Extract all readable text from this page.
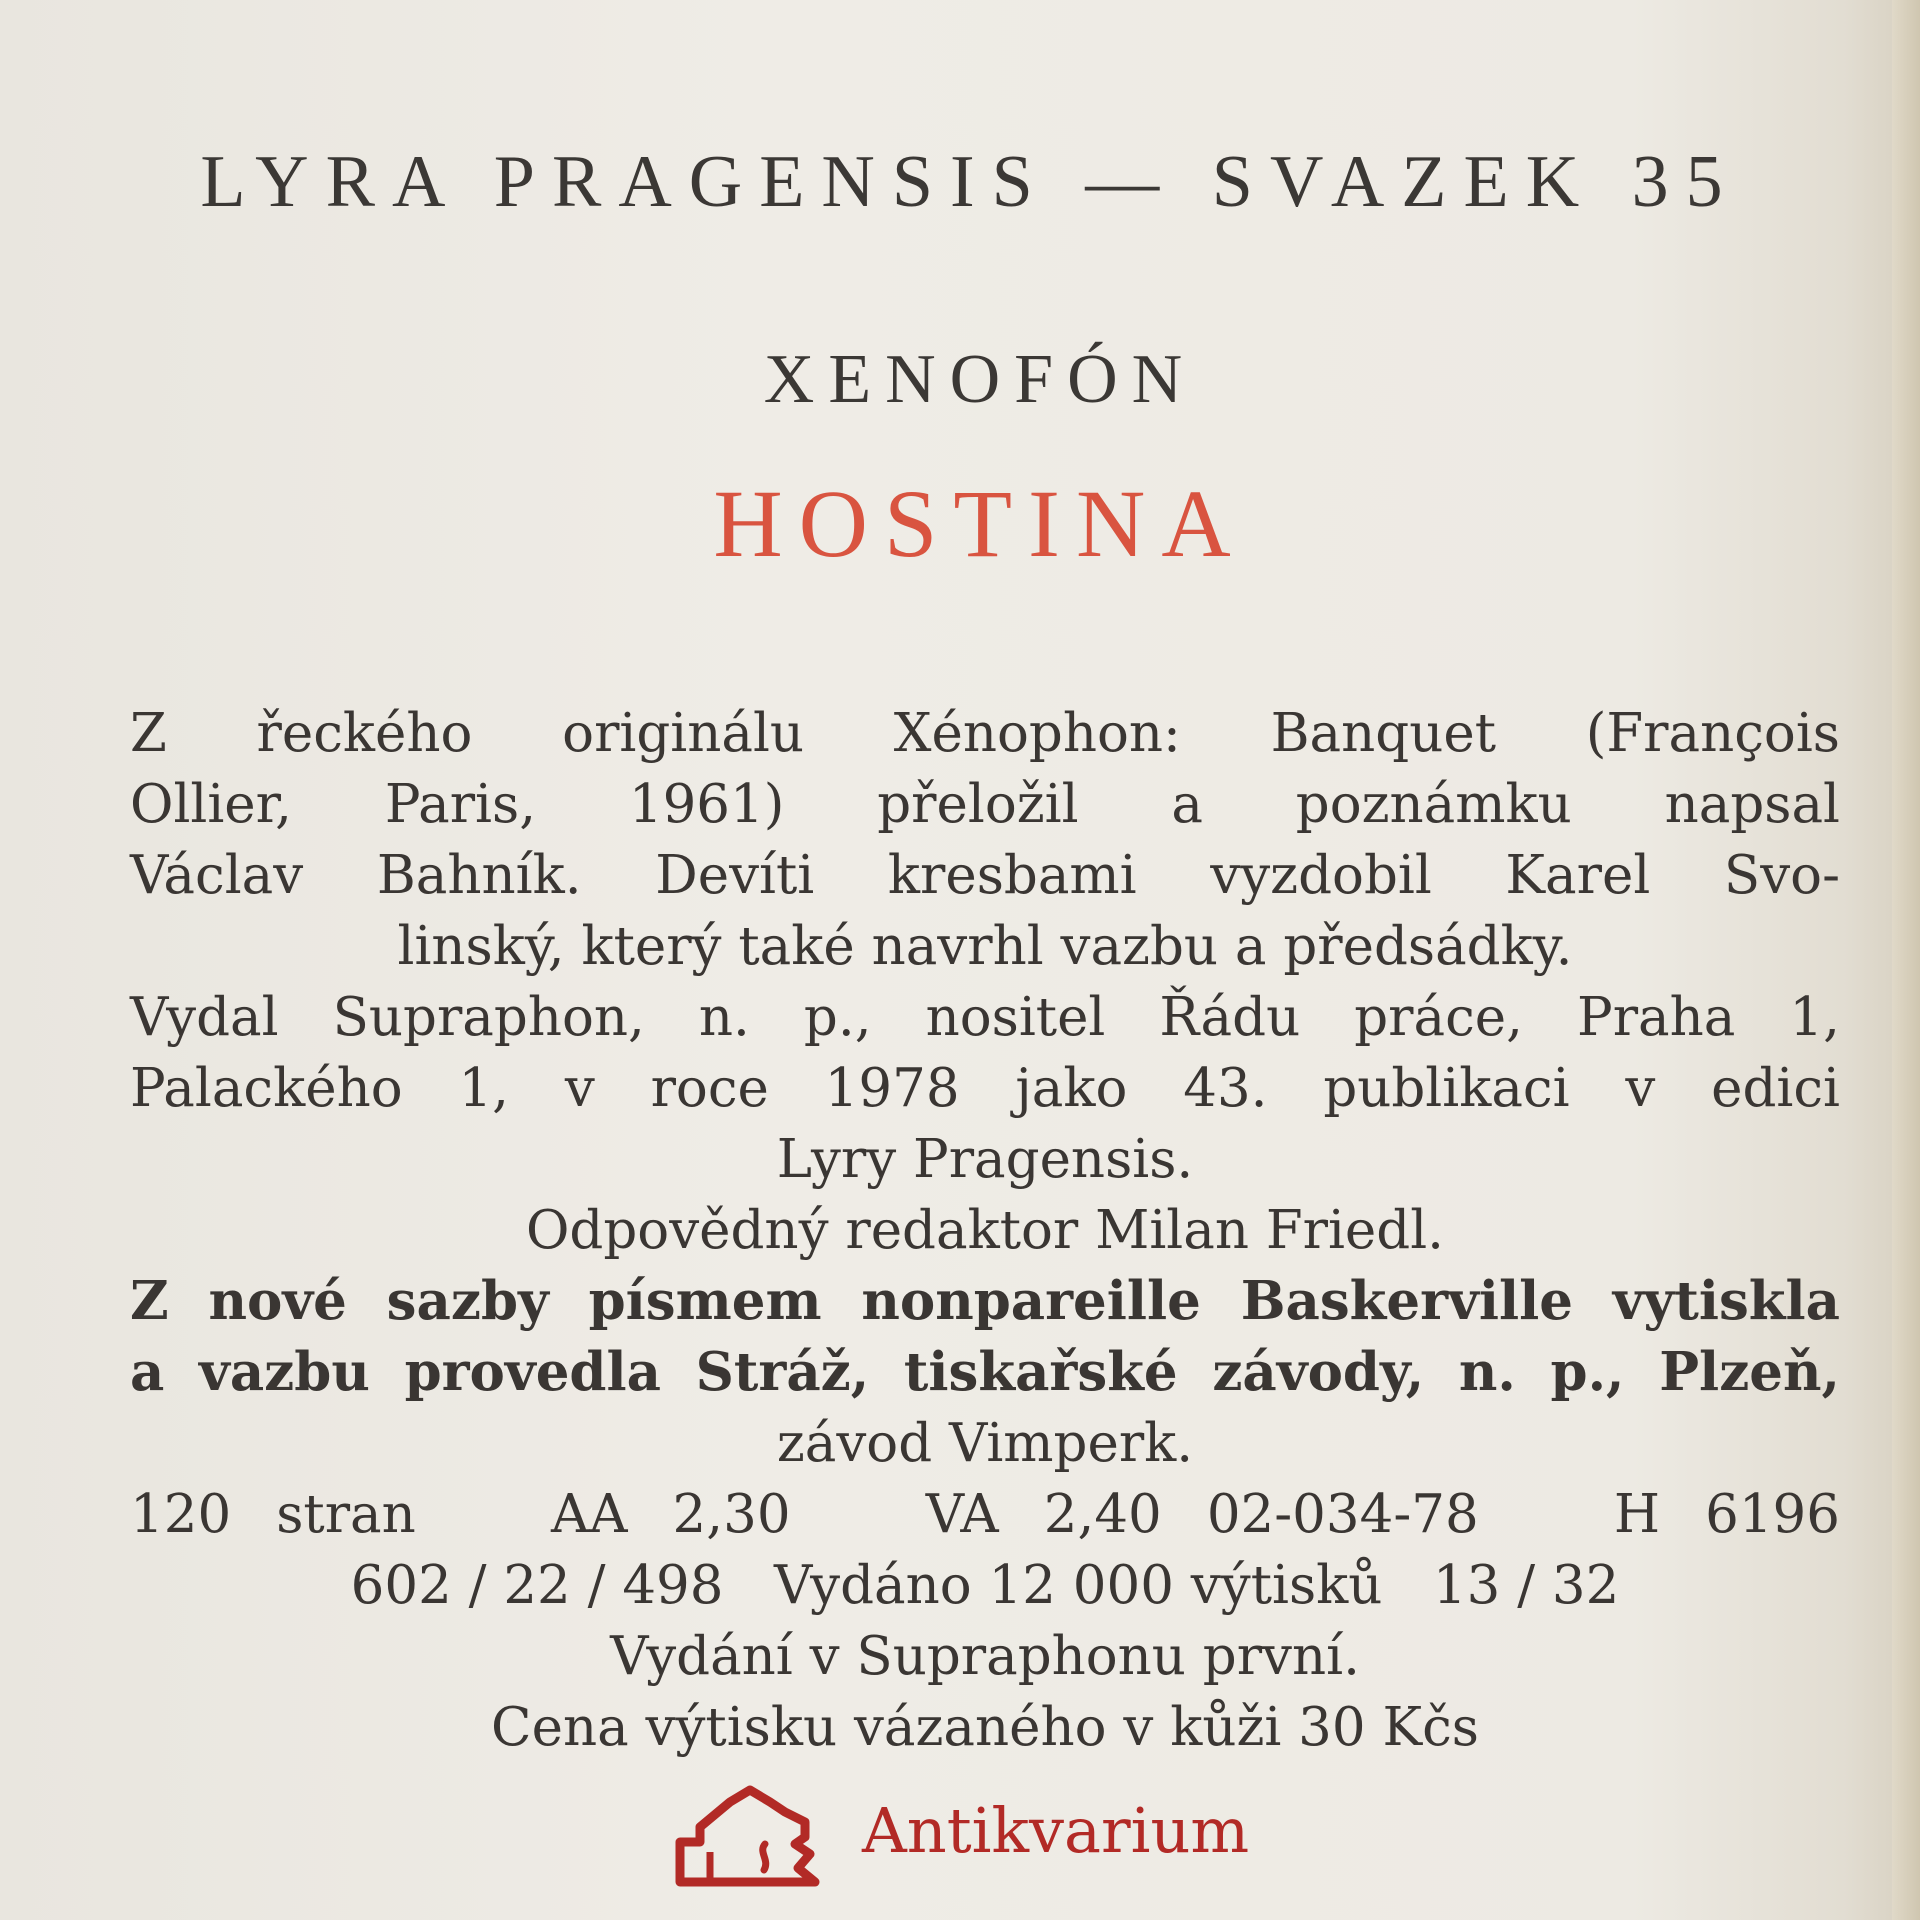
LYRA PRAGENSIS — SVAZEK 35
XENOFÓN
HOSTINA

Z řeckého originálu Xénophon: Banquet (François

Ollier, Paris, 1961) přeložil a poznámku napsal

Václav Bahník. Devíti kresbami vyzdobil Karel Svo-

linský, který také navrhl vazbu a předsádky.

Vydal Supraphon, n. p., nositel Řádu práce, Praha 1,

Palackého 1, v roce 1978 jako 43. publikaci v edici

Lyry Pragensis.

Odpovědný redaktor Milan Friedl.

Z nové sazby písmem nonpareille Baskerville vytiskla

a vazbu provedla Stráž, tiskařské závody, n. p., Plzeň,

závod Vimperk.

120 stran   AA 2,30   VA 2,40 02-034-78   H 6196

602 / 22 / 498   Vydáno 12 000 výtisků   13 / 32

Vydání v Supraphonu první.

Cena výtisku vázaného v kůži 30 Kčs

Antikvarium
